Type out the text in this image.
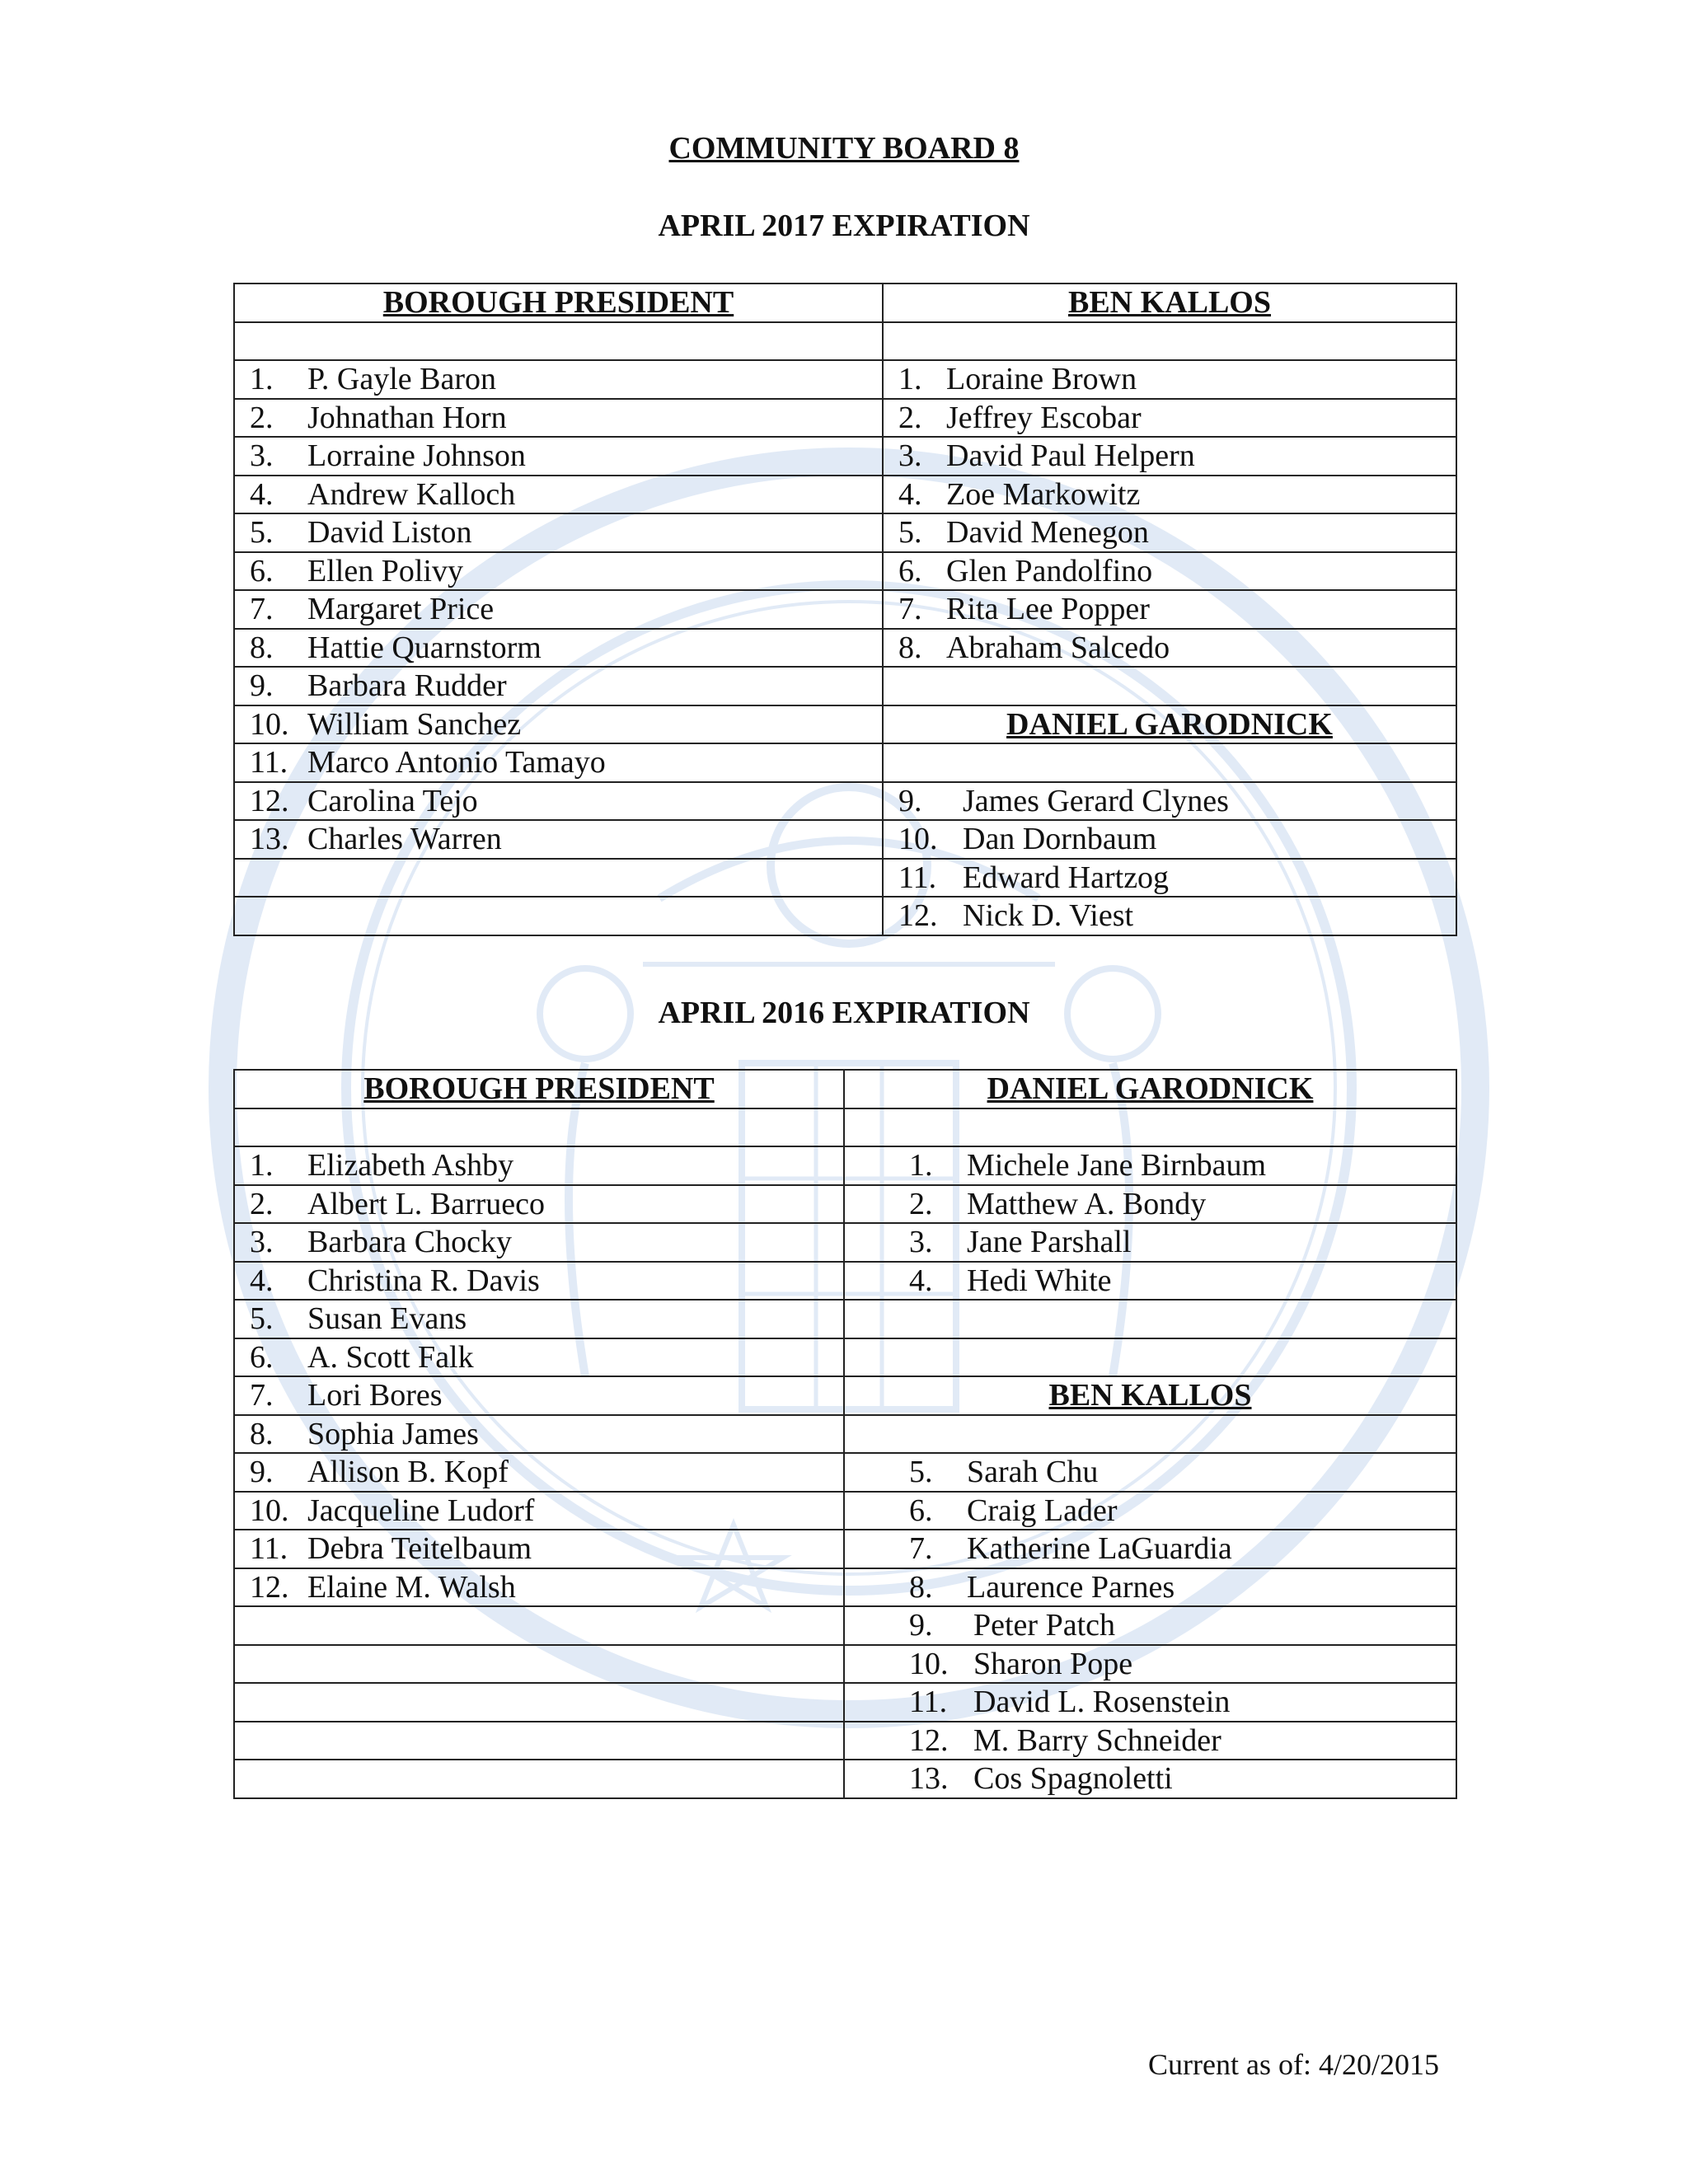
COMMUNITY BOARD 8
APRIL 2017 EXPIRATION
BOROUGH PRESIDENT	BEN KALLOS

1. P. Gayle Baron	1. Loraine Brown

2. Johnathan Horn	2. Jeffrey Escobar

3. Lorraine Johnson	3. David Paul Helpern

4. Andrew Kalloch	4. Zoe Markowitz

5. David Liston	5. David Menegon

6. Ellen Polivy	6. Glen Pandolfino

7. Margaret Price	7. Rita Lee Popper

8. Hattie Quarnstorm	8. Abraham Salcedo

9. Barbara Rudder	

10. William Sanchez	DANIEL GARODNICK

11. Marco Antonio Tamayo	

12. Carolina Tejo	9. James Gerard Clynes

13. Charles Warren	10. Dan Dornbaum

	11. Edward Hartzog

	12. Nick D. Viest
APRIL 2016 EXPIRATION
BOROUGH PRESIDENT	DANIEL GARODNICK

1. Elizabeth Ashby	1. Michele Jane Birnbaum

2. Albert L. Barrueco	2. Matthew A. Bondy

3. Barbara Chocky	3. Jane Parshall

4. Christina R. Davis	4. Hedi White

5. Susan Evans	

6. A. Scott Falk	

7. Lori Bores	BEN KALLOS

8. Sophia James	

9. Allison B. Kopf	5. Sarah Chu

10. Jacqueline Ludorf	6. Craig Lader

11. Debra Teitelbaum	7. Katherine LaGuardia

12. Elaine M. Walsh	8. Laurence Parnes

	9. Peter Patch

	10. Sharon Pope

	11. David L. Rosenstein

	12. M. Barry Schneider

	13. Cos Spagnoletti
Current as of: 4/20/2015
